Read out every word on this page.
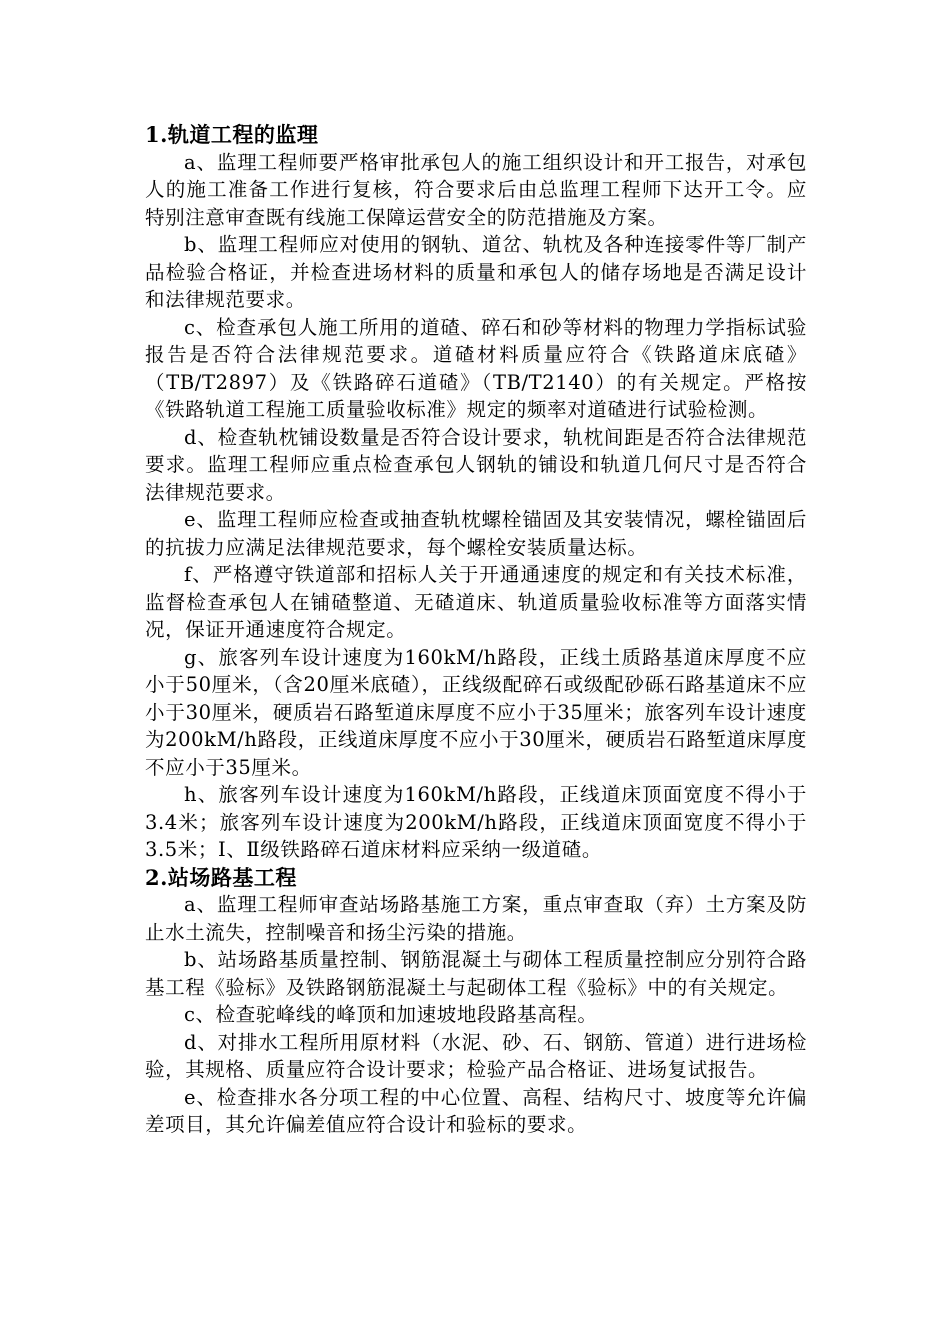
1.轨道工程的监理

a、监理工程师要严格审批承包人的施工组织设计和开工报告，对承包人的施工准备工作进行复核，符合要求后由总监理工程师下达开工令。应特别注意审查既有线施工保障运营安全的防范措施及方案。

b、监理工程师应对使用的钢轨、道岔、轨枕及各种连接零件等厂制产品检验合格证，并检查进场材料的质量和承包人的储存场地是否满足设计和法律规范要求。

c、检查承包人施工所用的道碴、碎石和砂等材料的物理力学指标试验报告是否符合法律规范要求。道碴材料质量应符合《铁路道床底碴》（TB/T2897）及《铁路碎石道碴》（TB/T2140）的有关规定。严格按《铁路轨道工程施工质量验收标准》规定的频率对道碴进行试验检测。

d、检查轨枕铺设数量是否符合设计要求，轨枕间距是否符合法律规范要求。监理工程师应重点检查承包人钢轨的铺设和轨道几何尺寸是否符合法律规范要求。

e、监理工程师应检查或抽查轨枕螺栓锚固及其安装情况，螺栓锚固后的抗拔力应满足法律规范要求，每个螺栓安装质量达标。

f、严格遵守铁道部和招标人关于开通通速度的规定和有关技术标准，监督检查承包人在铺碴整道、无碴道床、轨道质量验收标准等方面落实情况，保证开通速度符合规定。

g、旅客列车设计速度为160kM/h路段，正线土质路基道床厚度不应小于50厘米，（含20厘米底碴），正线级配碎石或级配砂砾石路基道床不应小于30厘米，硬质岩石路堑道床厚度不应小于35厘米；旅客列车设计速度为200kM/h路段，正线道床厚度不应小于30厘米，硬质岩石路堑道床厚度不应小于35厘米。

h、旅客列车设计速度为160kM/h路段，正线道床顶面宽度不得小于3.4米；旅客列车设计速度为200kM/h路段，正线道床顶面宽度不得小于3.5米；Ⅰ、Ⅱ级铁路碎石道床材料应采纳一级道碴。

2.站场路基工程

a、监理工程师审查站场路基施工方案，重点审查取（弃）土方案及防止水土流失，控制噪音和扬尘污染的措施。

b、站场路基质量控制、钢筋混凝土与砌体工程质量控制应分别符合路基工程《验标》及铁路钢筋混凝土与起砌体工程《验标》中的有关规定。

c、检查驼峰线的峰顶和加速坡地段路基高程。

d、对排水工程所用原材料（水泥、砂、石、钢筋、管道）进行进场检验，其规格、质量应符合设计要求；检验产品合格证、进场复试报告。

e、检查排水各分项工程的中心位置、高程、结构尺寸、坡度等允许偏差项目，其允许偏差值应符合设计和验标的要求。
